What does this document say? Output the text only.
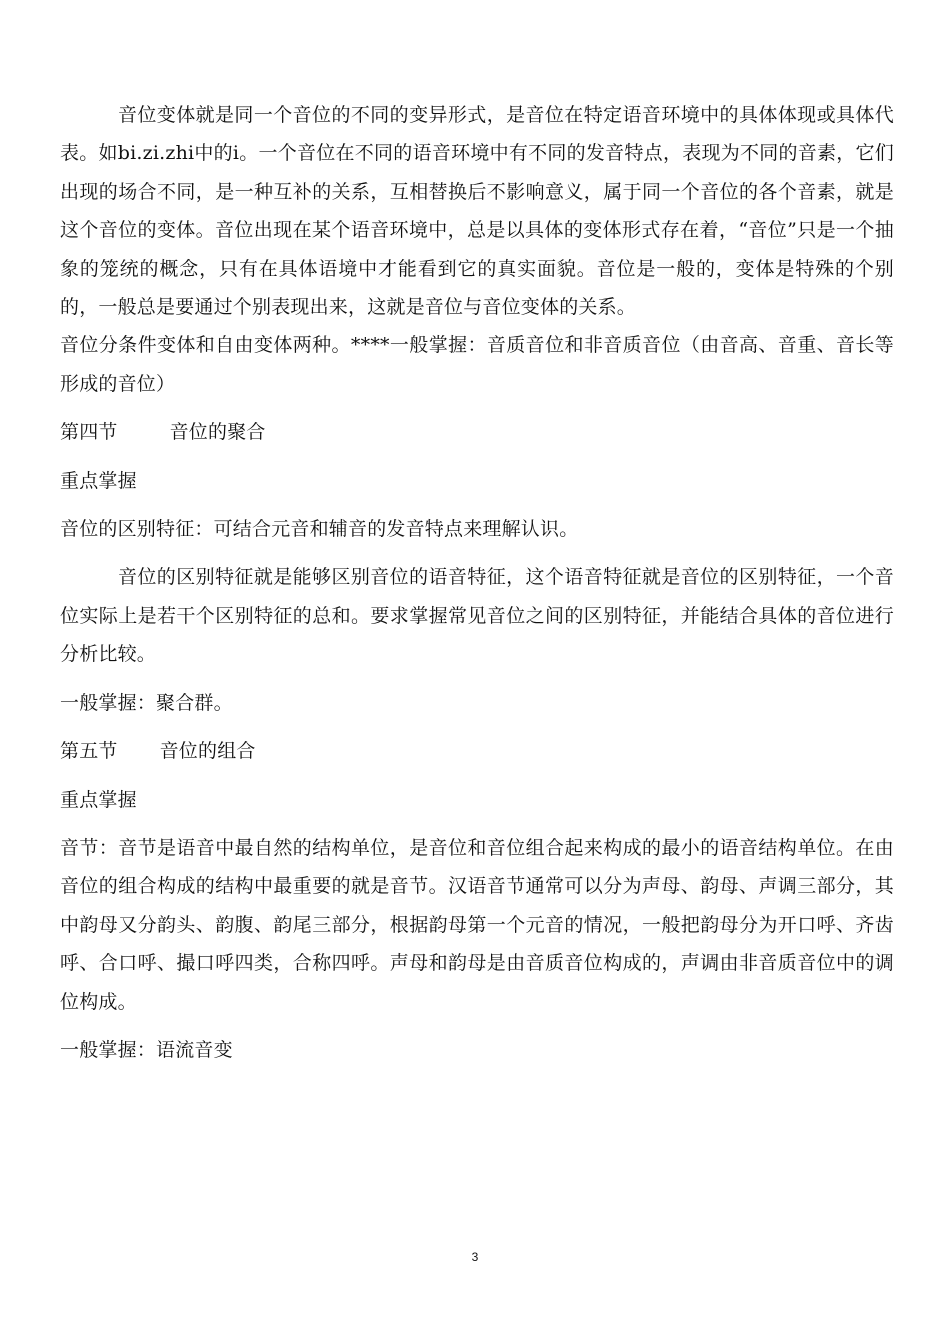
音位变体就是同一个音位的不同的变异形式，是音位在特定语音环境中的具体体现或具体代表。如bi.zi.zhi中的i。一个音位在不同的语音环境中有不同的发音特点，表现为不同的音素，它们出现的场合不同，是一种互补的关系，互相替换后不影响意义，属于同一个音位的各个音素，就是这个音位的变体。音位出现在某个语音环境中，总是以具体的变体形式存在着，“音位”只是一个抽象的笼统的概念，只有在具体语境中才能看到它的真实面貌。音位是一般的，变体是特殊的个别的，一般总是要通过个别表现出来，这就是音位与音位变体的关系。

音位分条件变体和自由变体两种。****一般掌握：音质音位和非音质音位（由音高、音重、音长等形成的音位）

第四节	音位的聚合

重点掌握

音位的区别特征：可结合元音和辅音的发音特点来理解认识。

音位的区别特征就是能够区别音位的语音特征，这个语音特征就是音位的区别特征，一个音位实际上是若干个区别特征的总和。要求掌握常见音位之间的区别特征，并能结合具体的音位进行分析比较。

一般掌握：聚合群。

第五节 音位的组合

重点掌握

音节：音节是语音中最自然的结构单位，是音位和音位组合起来构成的最小的语音结构单位。在由音位的组合构成的结构中最重要的就是音节。汉语音节通常可以分为声母、韵母、声调三部分，其中韵母又分韵头、韵腹、韵尾三部分，根据韵母第一个元音的情况，一般把韵母分为开口呼、齐齿呼、合口呼、撮口呼四类，合称四呼。声母和韵母是由音质音位构成的，声调由非音质音位中的调位构成。

一般掌握：语流音变

3
